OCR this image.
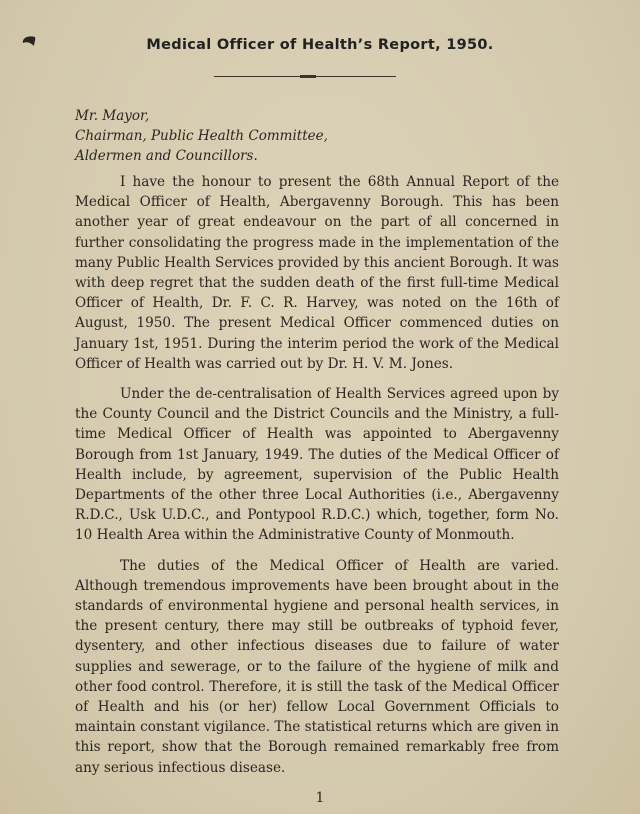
Medical Officer of Health’s Report, 1950.
Mr. Mayor,
Chairman, Public Health Committee,
Aldermen and Councillors.

I have the honour to present the 68th Annual Report of the Medical Officer of Health, Abergavenny Borough. This has been another year of great endeavour on the part of all concerned in further consolidating the progress made in the implementation of the many Public Health Services provided by this ancient Borough. It was with deep regret that the sudden death of the first full-time Medical Officer of Health, Dr. F. C. R. Harvey, was noted on the 16th of August, 1950. The present Medical Officer commenced duties on January 1st, 1951. During the interim period the work of the Medical Officer of Health was carried out by Dr. H. V. M. Jones.

Under the de-centralisation of Health Services agreed upon by the County Council and the District Councils and the Ministry, a full-time Medical Officer of Health was appointed to Abergavenny Borough from 1st January, 1949. The duties of the Medical Officer of Health include, by agreement, supervision of the Public Health Departments of the other three Local Authorities (i.e., Abergavenny R.D.C., Usk U.D.C., and Pontypool R.D.C.) which, together, form No. 10 Health Area within the Administrative County of Monmouth.

The duties of the Medical Officer of Health are varied. Although tremendous improvements have been brought about in the standards of environmental hygiene and personal health services, in the present century, there may still be outbreaks of typhoid fever, dysentery, and other infectious diseases due to failure of water supplies and sewerage, or to the failure of the hygiene of milk and other food control. Therefore, it is still the task of the Medical Officer of Health and his (or her) fellow Local Government Officials to maintain constant vigilance. The statistical returns which are given in this report, show that the Borough remained remarkably free from any serious infectious disease.

1
